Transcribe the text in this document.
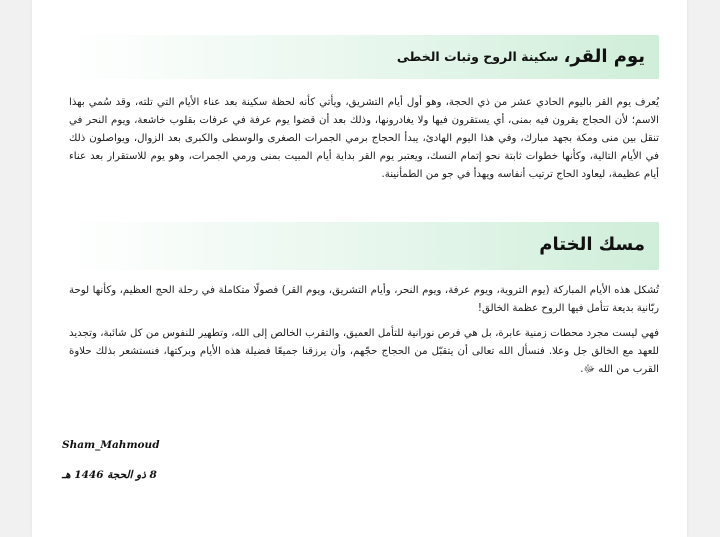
يوم القر، سكينة الروح وثبات الخطى

يُعرف يوم القر باليوم الحادي عشر من ذي الحجة، وهو أول أيام التشريق، ويأتي كأنه لحظة سكينة بعد عناء الأيام التي تلته، وقد سُمي بهذا الاسم؛ لأن الحجاج يقرون فيه بمنى، أي يستقرون فيها ولا يغادرونها، وذلك بعد أن قضوا يوم عرفة في عرفات بقلوب خاشعة، ويوم النحر في تنقل بين منى ومكة بجهد مبارك، وفي هذا اليوم الهادئ، يبدأ الحجاج برمي الجمرات الصغرى والوسطى والكبرى بعد الزوال، ويواصلون ذلك في الأيام التالية، وكأنها خطوات ثابتة نحو إتمام النسك، ويعتبر يوم القر بداية أيام المبيت بمنى ورمي الجمرات، وهو يوم للاستقرار بعد عناء أيام عظيمة، ليعاود الحاج ترتيب أنفاسه ويهدأ في جو من الطمأنينة.

مسك الختام

تُشكل هذه الأيام المباركة (يوم التروية، ويوم عرفة، ويوم النحر، وأيام التشريق، ويوم القر) فصولًا متكاملة في رحلة الحج العظيم، وكأنها لوحة ربّانية بديعة تتأمل فيها الروح عظمة الخالق!

فهي ليست مجرد محطات زمنية عابرة، بل هي فرص نورانية للتأمل العميق، والتقرب الخالص إلى الله، وتطهير للنفوس من كل شائبة، وتجديد للعهد مع الخالق جل وعلا. فنسأل الله تعالى أن يتقبّل من الحجاج حجّهم، وأن يرزقنا جميعًا فضيلة هذه الأيام وبركتها، فنستشعر بذلك حلاوة القرب من الله ﷻ.

Sham_Mahmoud
8 ذو الحجة 1446 هـ
